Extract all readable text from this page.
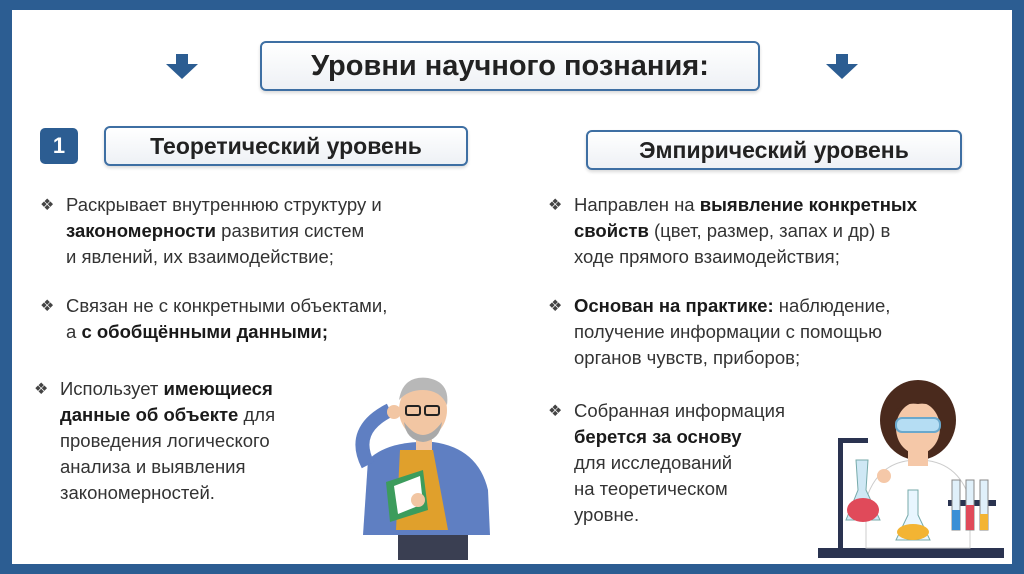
Уровни научного познания:
1	Теоретический уровень	Эмпирический уровень
❖ Раскрывает внутреннюю структуру и
закономерности развития систем
и явлений, их взаимодействие;
❖ Связан не с конкретными объектами,
а с обобщёнными данными;
❖ Использует имеющиеся
данные об объекте для
проведения логического
анализа и выявления
закономерностей.
❖ Направлен на выявление конкретных
свойств (цвет, размер, запах и др) в
ходе прямого взаимодействия;
❖ Основан на практике: наблюдение,
получение информации с помощью
органов чувств, приборов;
❖ Собранная информация
берется за основу
для исследований
на теоретическом
уровне.
